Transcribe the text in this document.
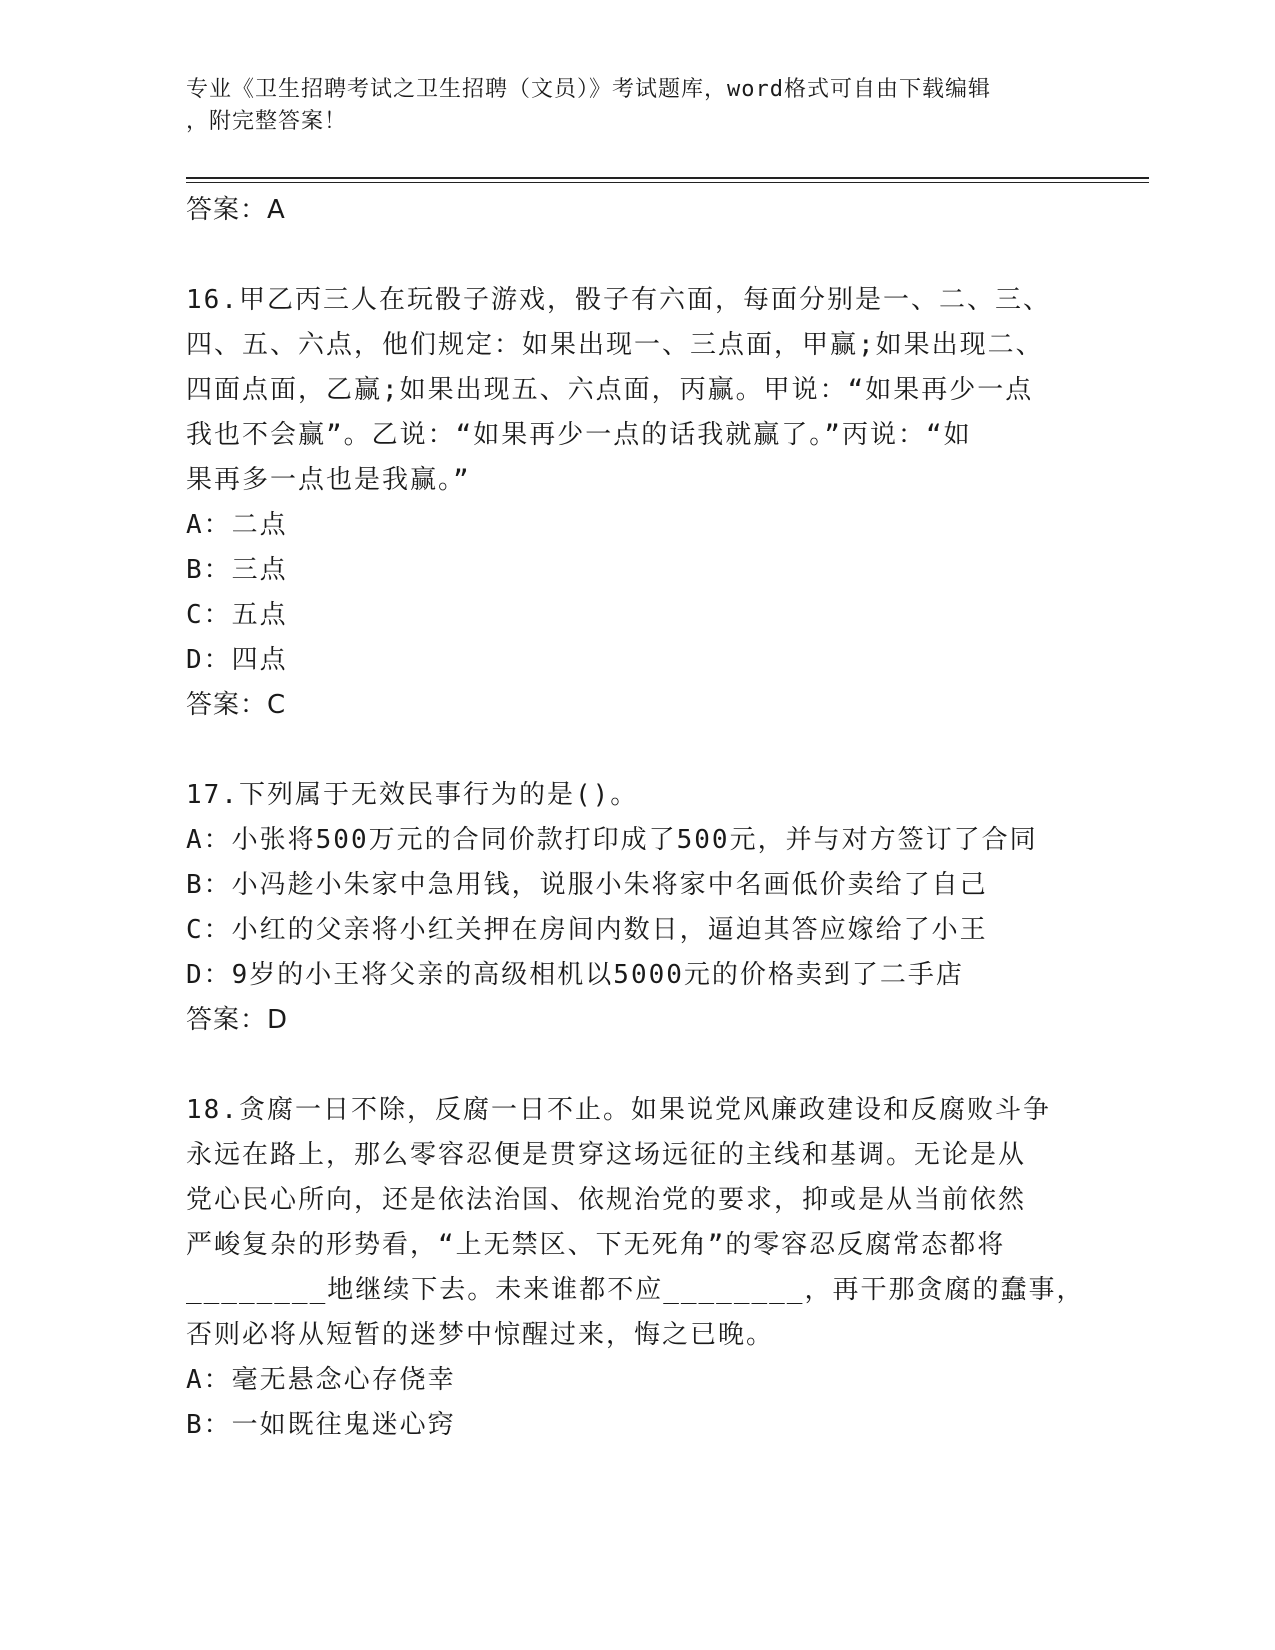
专业《卫生招聘考试之卫生招聘（文员）》考试题库，word格式可自由下载编辑
，附完整答案！
答案：A
16.甲乙丙三人在玩骰子游戏，骰子有六面，每面分别是一、二、三、
四、五、六点，他们规定：如果出现一、三点面，甲赢;如果出现二、
四面点面，乙赢;如果出现五、六点面，丙赢。甲说：“如果再少一点
我也不会赢”。乙说：“如果再少一点的话我就赢了。”丙说：“如
果再多一点也是我赢。”
A：二点
B：三点
C：五点
D：四点
答案：C
17.下列属于无效民事行为的是()。
A：小张将500万元的合同价款打印成了500元，并与对方签订了合同
B：小冯趁小朱家中急用钱，说服小朱将家中名画低价卖给了自己
C：小红的父亲将小红关押在房间内数日，逼迫其答应嫁给了小王
D：9岁的小王将父亲的高级相机以5000元的价格卖到了二手店
答案：D
18.贪腐一日不除，反腐一日不止。如果说党风廉政建设和反腐败斗争
永远在路上，那么零容忍便是贯穿这场远征的主线和基调。无论是从
党心民心所向，还是依法治国、依规治党的要求，抑或是从当前依然
严峻复杂的形势看，“上无禁区、下无死角”的零容忍反腐常态都将
________地继续下去。未来谁都不应________，再干那贪腐的蠢事，
否则必将从短暂的迷梦中惊醒过来，悔之已晚。
A：毫无悬念心存侥幸
B：一如既往鬼迷心窍
